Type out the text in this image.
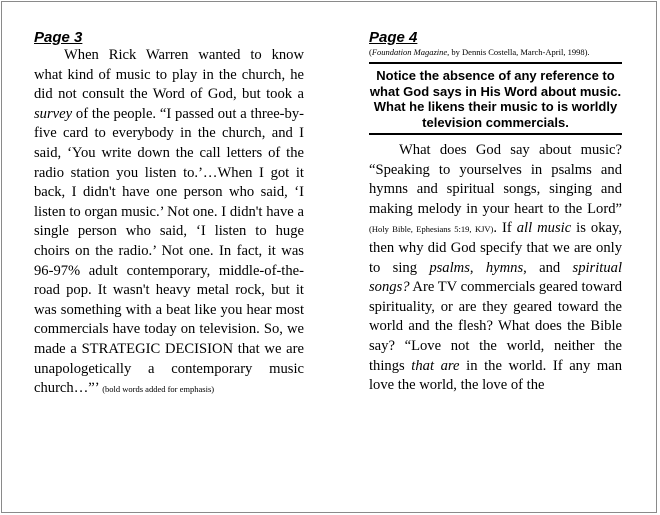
Page 3

When Rick Warren wanted to know what kind of music to play in the church, he did not consult the Word of God, but took a survey of the people. “I passed out a three-by-five card to everybody in the church, and I said, ‘You write down the call letters of the radio station you listen to.’…When I got it back, I didn't have one person who said, ‘I listen to organ music.’ Not one. I didn't have a single person who said, ‘I listen to huge choirs on the radio.’ Not one. In fact, it was 96-97% adult contemporary, middle-of-the-road pop. It wasn't heavy metal rock, but it was something with a beat like you hear most commercials have today on television. So, we made a STRATEGIC DECISION that we are unapologetically a contemporary music church…”’ (bold words added for emphasis)

Page 4
(Foundation Magazine, by Dennis Costella, March-April, 1998).
Notice the absence of any reference to what God says in His Word about music. What he likens their music to is worldly television commercials.

What does God say about music? “Speaking to yourselves in psalms and hymns and spiritual songs, singing and making melody in your heart to the Lord” (Holy Bible, Ephesians 5:19, KJV). If all music is okay, then why did God specify that we are only to sing psalms, hymns, and spiritual songs? Are TV commercials geared toward spirituality, or are they geared toward the world and the flesh? What does the Bible say? “Love not the world, neither the things that are in the world. If any man love the world, the love of the
